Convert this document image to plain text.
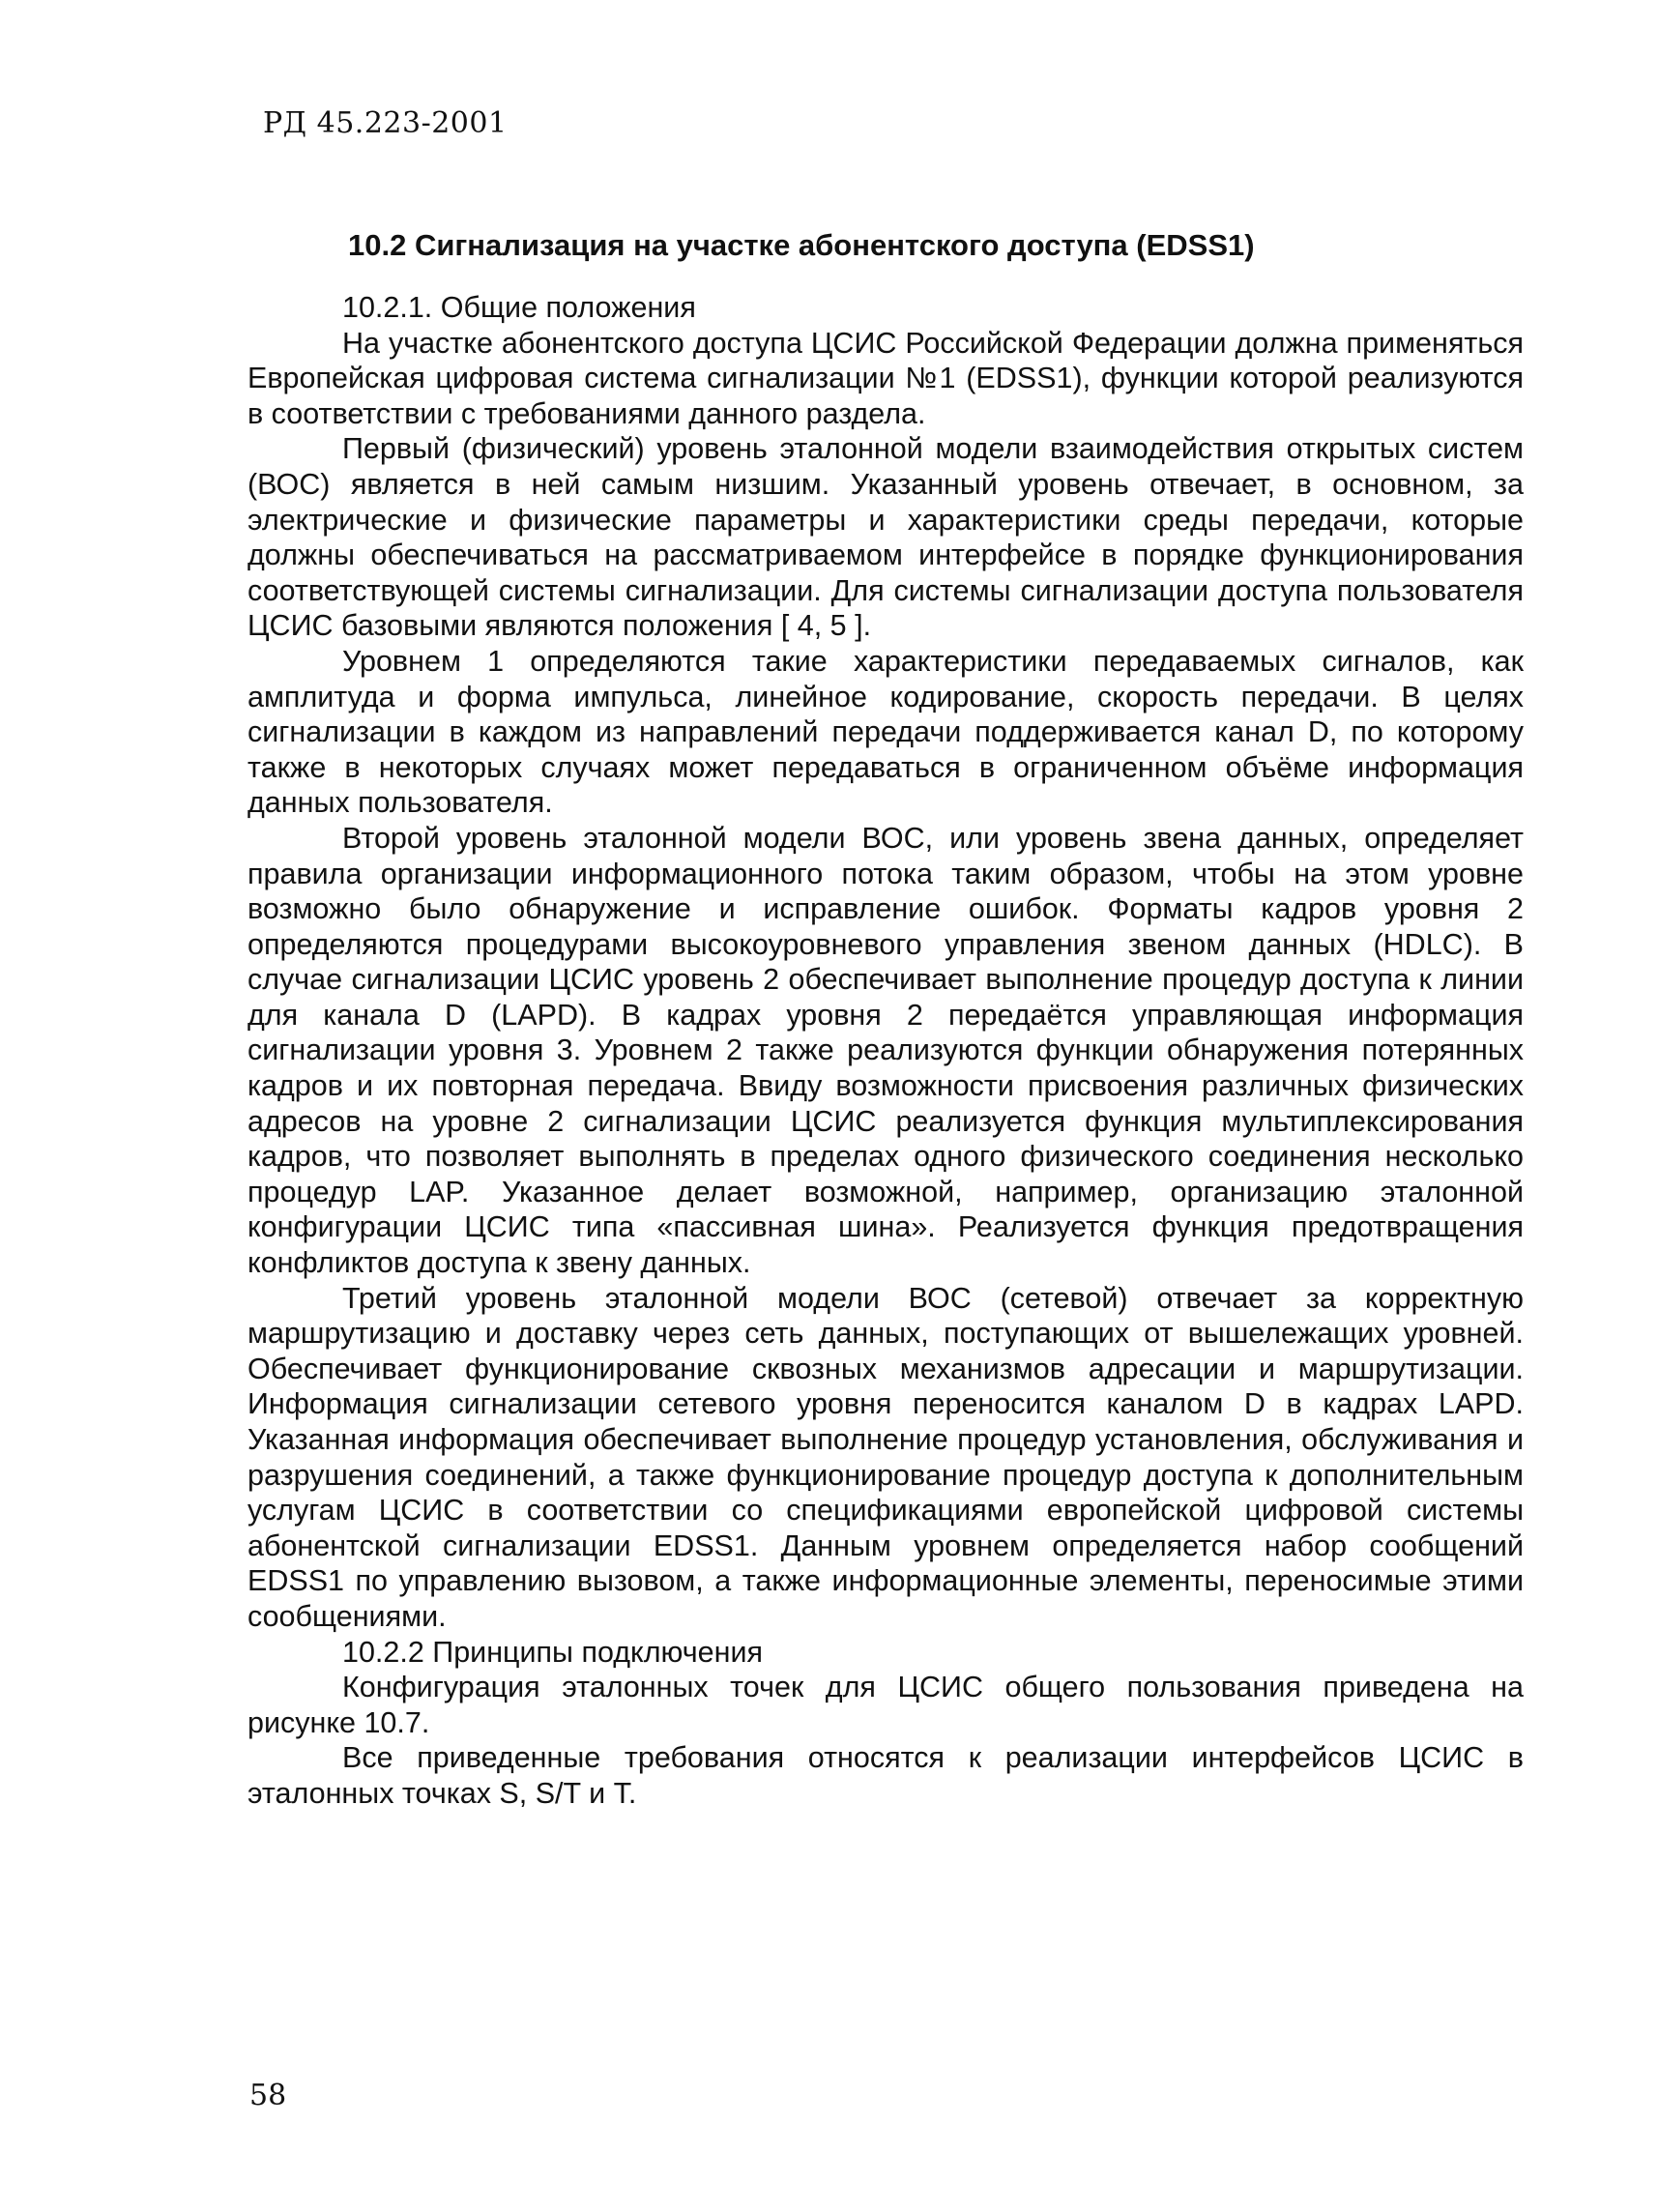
РД 45.223-2001
10.2 Сигнализация на участке абонентского доступа (EDSS1)

10.2.1. Общие положения

На участке абонентского доступа ЦСИС Российской Федерации должна применяться Европейская цифровая система сигнализации №1 (EDSS1), функции которой реализуются в соответствии с требованиями данного раздела.

Первый (физический) уровень эталонной модели взаимодействия открытых систем (ВОС) является в ней самым низшим. Указанный уровень отвечает, в основном, за электрические и физические параметры и характеристики среды передачи, которые должны обеспечиваться на рассматриваемом интерфейсе в порядке функционирования соответствующей системы сигнализации. Для системы сигнализации доступа пользователя ЦСИС базовыми являются положения [ 4, 5 ].

Уровнем 1 определяются такие характеристики передаваемых сигналов, как амплитуда и форма импульса, линейное кодирование, скорость передачи. В целях сигнализации в каждом из направлений передачи поддерживается канал D, по которому также в некоторых случаях может передаваться в ограниченном объёме информация данных пользователя.

Второй уровень эталонной модели ВОС, или уровень звена данных, определяет правила организации информационного потока таким образом, чтобы на этом уровне возможно было обнаружение и исправление ошибок. Форматы кадров уровня 2 определяются процедурами высокоуровневого управления звеном данных (HDLC). В случае сигнализации ЦСИС уровень 2 обеспечивает выполнение процедур доступа к линии для канала D (LAPD). В кадрах уровня 2 передаётся управляющая информация сигнализации уровня 3. Уровнем 2 также реализуются функции обнаружения потерянных кадров и их повторная передача. Ввиду возможности присвоения различных физических адресов на уровне 2 сигнализации ЦСИС реализуется функция мультиплексирования кадров, что позволяет выполнять в пределах одного физического соединения несколько процедур LAP. Указанное делает возможной, например, организацию эталонной конфигурации ЦСИС типа «пассивная шина». Реализуется функция предотвращения конфликтов доступа к звену данных.

Третий уровень эталонной модели ВОС (сетевой) отвечает за корректную маршрутизацию и доставку через сеть данных, поступающих от вышележащих уровней. Обеспечивает функционирование сквозных механизмов адресации и маршрутизации. Информация сигнализации сетевого уровня переносится каналом D в кадрах LAPD. Указанная информация обеспечивает выполнение процедур установления, обслуживания и разрушения соединений, а также функционирование процедур доступа к дополнительным услугам ЦСИС в соответствии со спецификациями европейской цифровой системы абонентской сигнализации EDSS1. Данным уровнем определяется набор сообщений EDSS1 по управлению вызовом, а также информационные элементы, переносимые этими сообщениями.

10.2.2 Принципы подключения

Конфигурация эталонных точек для ЦСИС общего пользования приведена на рисунке 10.7.

Все приведенные требования относятся к реализации интерфейсов ЦСИС в эталонных точках S, S/T и T.

58
